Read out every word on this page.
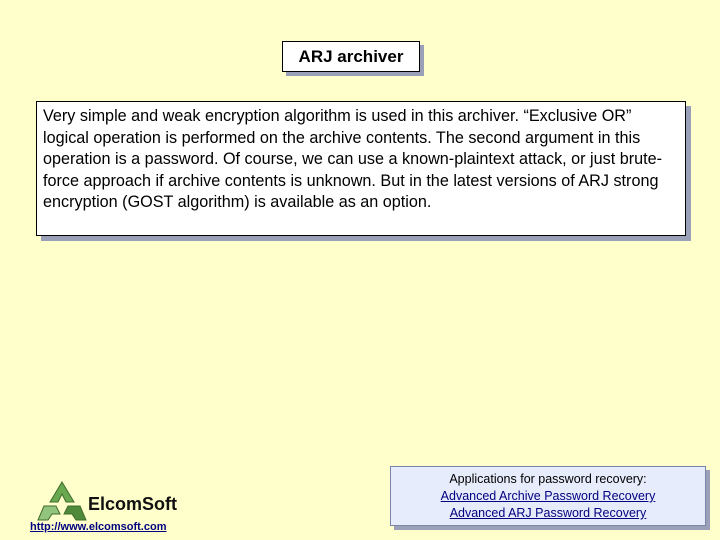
ARJ archiver
Very simple and weak encryption algorithm is used in this archiver. “Exclusive OR” logical operation is performed on the archive contents. The second argument in this operation is a password. Of course, we can use a known-plaintext attack, or just brute-force approach if archive contents is unknown. But in the latest versions of ARJ strong encryption (GOST algorithm) is available as an option.
ElcomSoft
http://www.elcomsoft.com
Applications for password recovery:
Advanced Archive Password Recovery
Advanced ARJ Password Recovery
